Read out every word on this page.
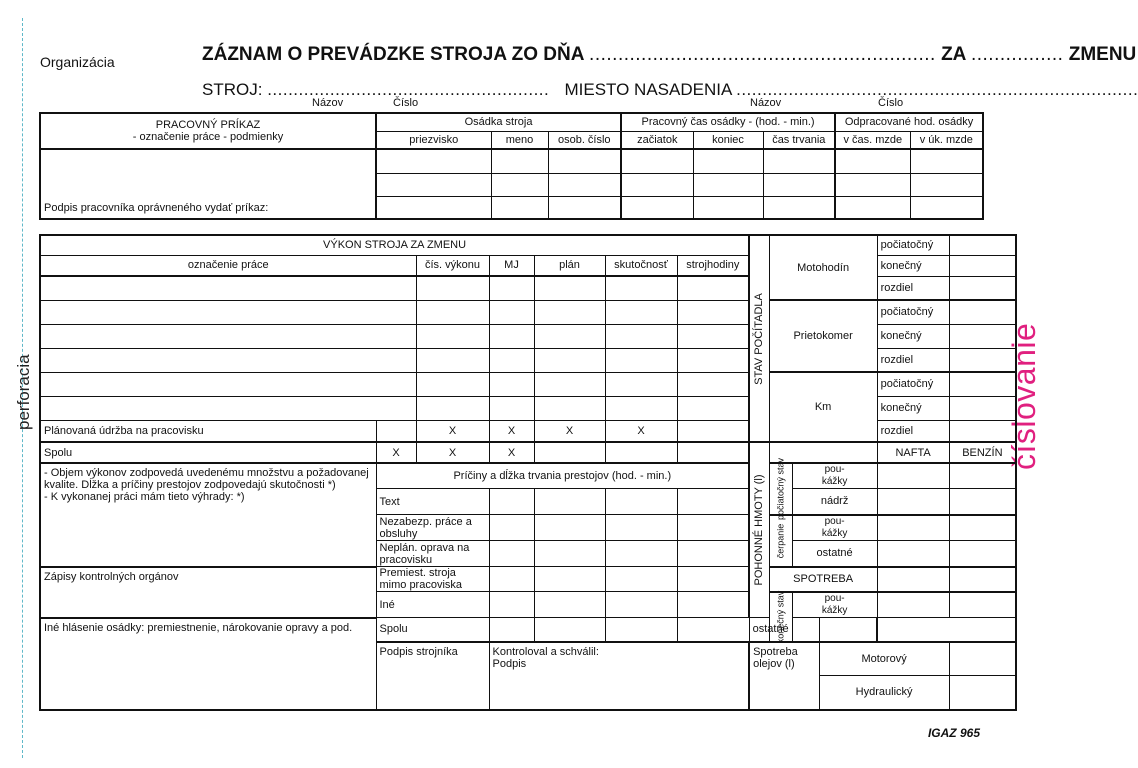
perforacia	číslovanie
Organizácia	ZÁZNAM O PREVÁDZKE STROJA ZO DŇA ............................................................ ZA ................ ZMENU
STROJ: ...................................................... MIESTO NASADENIA .............................................................................
Názov	Číslo	Názov	Číslo
PRACOVNÝ PRÍKAZ
- označenie práce - podmienky	Osádka stroja			Pracovný čas osádky - (hod. - min.)			Odpracované hod. osádky	
	priezvisko	meno	osob. číslo	začiatok	koniec	čas trvania	v čas. mzde	v úk. mzde
Podpis pracovníka oprávneného vydať príkaz:								

VÝKON STROJA ZA ZMENU							STAV POČÍTADLA	Motohodín			počiatočný	
označenie práce		čís. výkonu	MJ	plán	skutočnosť	strojhodiny					konečný	
											rozdiel	
								Prietokomer			počiatočný	
											konečný	
											rozdiel	
								Km			počiatočný	
											konečný	
Plánovaná údržba na pracovisku		X	X	X	X						rozdiel	
Spolu	X	X	X				POHONNÉ HMOTY (l)				NAFTA	BENZÍN
- Objem výkonov zodpovedá uvedenému množstvu a požadovanej kvalite. Dĺžka a príčiny prestojov zodpovedajú skutočnosti *)
- K vykonanej práci mám tieto výhrady: *)	Príčiny a dĺžka trvania prestojov (hod. - min.)							počiatočný stav	pou-
kážky			
	Text								nádrž			
	Nezabezp. práce a obsluhy							čerpanie	pou-
kážky			
	Neplán. oprava na pracovisku								ostatné			
Zápisy kontrolných orgánov	Premiest. stroja mimo pracoviska							SPOTREBA				
	Iné							konečný stav	pou-
kážky			
Iné hlásenie osádky: premiestnenie, nárokovanie opravy a pod.	Spolu						ostatné					
	Podpis strojníka		Kontroloval a schválil:
Podpis				Spotreba olejov (l)			Motorový		
										Hydraulický		
IGAZ 965
